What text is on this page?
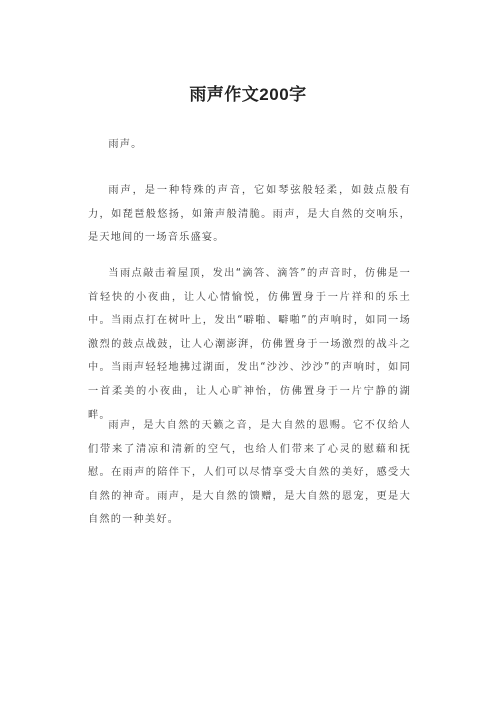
雨声作文200字
雨声。
雨声，是一种特殊的声音，它如琴弦般轻柔，如鼓点般有力，如琵琶般悠扬，如箫声般清脆。雨声，是大自然的交响乐，是天地间的一场音乐盛宴。
当雨点敲击着屋顶，发出“滴答、滴答”的声音时，仿佛是一首轻快的小夜曲，让人心情愉悦，仿佛置身于一片祥和的乐土中。当雨点打在树叶上，发出“噼啪、噼啪”的声响时，如同一场激烈的鼓点战鼓，让人心潮澎湃，仿佛置身于一场激烈的战斗之中。当雨声轻轻地拂过湖面，发出“沙沙、沙沙”的声响时，如同一首柔美的小夜曲，让人心旷神怡，仿佛置身于一片宁静的湖畔。
雨声，是大自然的天籁之音，是大自然的恩赐。它不仅给人们带来了清凉和清新的空气，也给人们带来了心灵的慰藉和抚慰。在雨声的陪伴下，人们可以尽情享受大自然的美好，感受大自然的神奇。雨声，是大自然的馈赠，是大自然的恩宠，更是大自然的一种美好。
